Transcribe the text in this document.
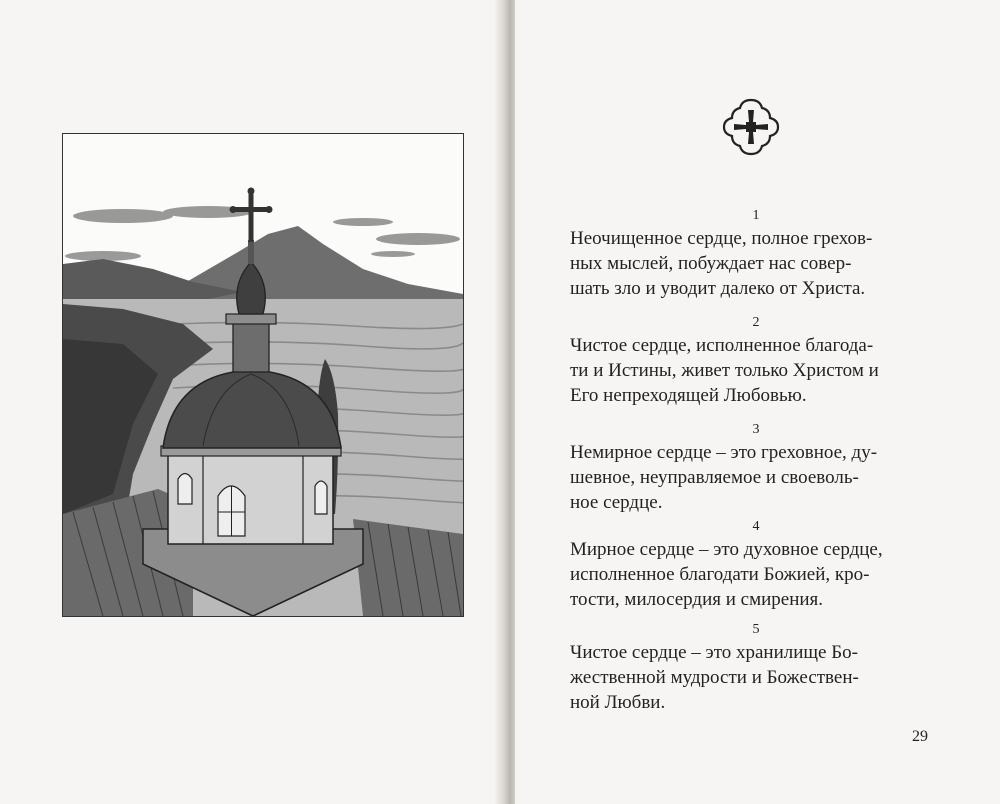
1
Неочищенное сердце, полное грехов-
ных мыслей, побуждает нас совер-
шать зло и уводит далеко от Христа.
2
Чистое сердце, исполненное благода-
ти и Истины, живет только Христом и
Его непреходящей Любовью.
3
Немирное сердце – это греховное, ду-
шевное, неуправляемое и своеволь-
ное сердце.
4
Мирное сердце – это духовное сердце,
исполненное благодати Божией, кро-
тости, милосердия и смирения.
5
Чистое сердце – это хранилище Бо-
жественной мудрости и Божествен-
ной Любви.
29
